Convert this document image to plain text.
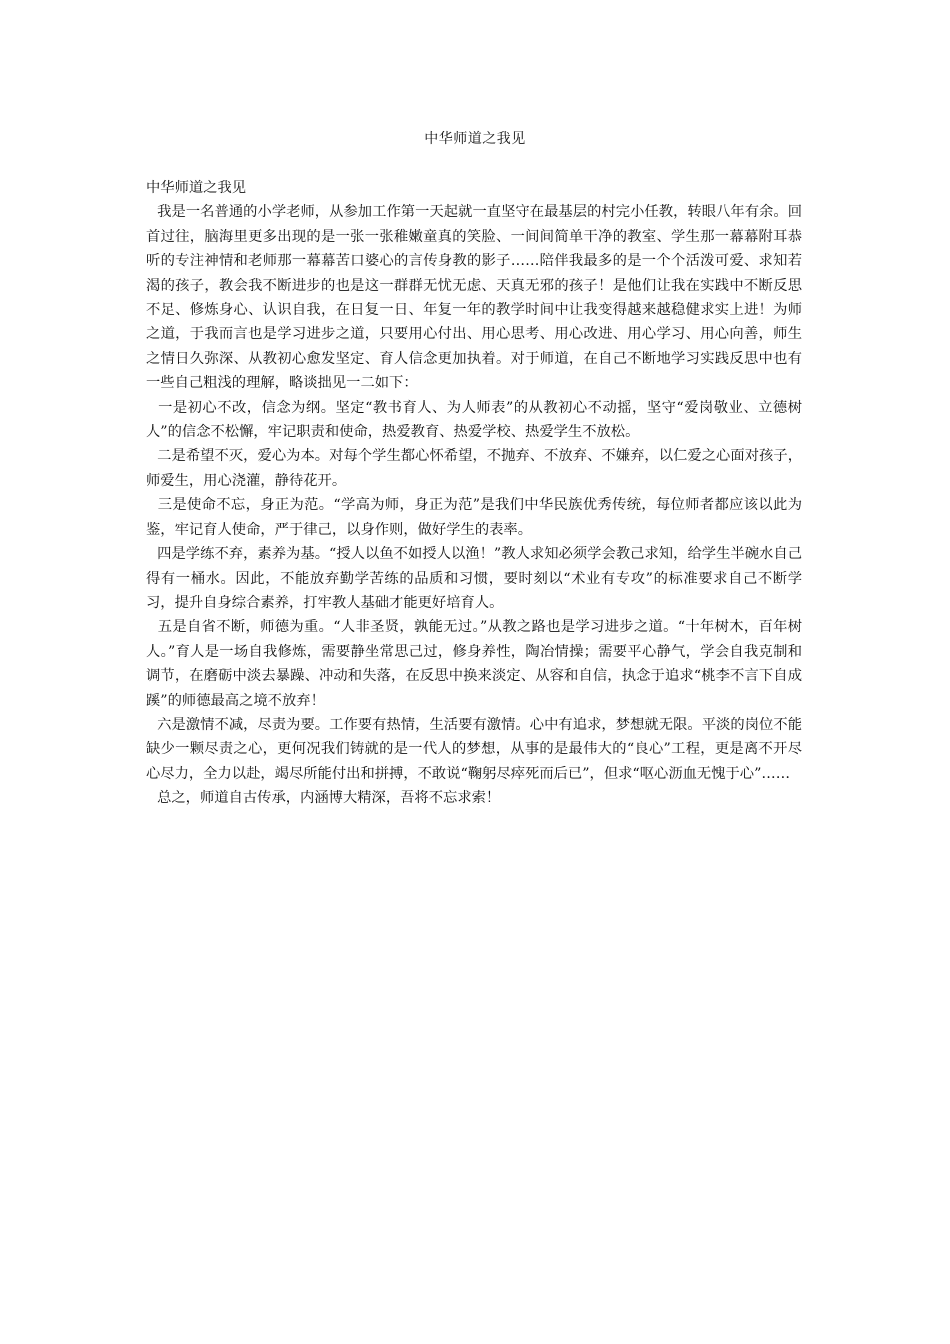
中华师道之我见

中华师道之我见

我是一名普通的小学老师，从参加工作第一天起就一直坚守在最基层的村完小任教，转眼八年有余。回首过往，脑海里更多出现的是一张一张稚嫩童真的笑脸、一间间简单干净的教室、学生那一幕幕附耳恭听的专注神情和老师那一幕幕苦口婆心的言传身教的影子……陪伴我最多的是一个个活泼可爱、求知若渴的孩子，教会我不断进步的也是这一群群无忧无虑、天真无邪的孩子！是他们让我在实践中不断反思不足、修炼身心、认识自我，在日复一日、年复一年的教学时间中让我变得越来越稳健求实上进！为师之道，于我而言也是学习进步之道，只要用心付出、用心思考、用心改进、用心学习、用心向善，师生之情日久弥深、从教初心愈发坚定、育人信念更加执着。对于师道，在自己不断地学习实践反思中也有一些自己粗浅的理解，略谈拙见一二如下：

一是初心不改，信念为纲。坚定“教书育人、为人师表”的从教初心不动摇，坚守“爱岗敬业、立德树人”的信念不松懈，牢记职责和使命，热爱教育、热爱学校、热爱学生不放松。

二是希望不灭，爱心为本。对每个学生都心怀希望，不抛弃、不放弃、不嫌弃，以仁爱之心面对孩子，师爱生，用心浇灌，静待花开。

三是使命不忘，身正为范。“学高为师，身正为范”是我们中华民族优秀传统，每位师者都应该以此为鉴，牢记育人使命，严于律己，以身作则，做好学生的表率。

四是学练不弃，素养为基。“授人以鱼不如授人以渔！”教人求知必须学会教己求知，给学生半碗水自己得有一桶水。因此，不能放弃勤学苦练的品质和习惯，要时刻以“术业有专攻”的标准要求自己不断学习，提升自身综合素养，打牢教人基础才能更好培育人。

五是自省不断，师德为重。“人非圣贤，孰能无过。”从教之路也是学习进步之道。“十年树木，百年树人。”育人是一场自我修炼，需要静坐常思己过，修身养性，陶冶情操；需要平心静气，学会自我克制和调节，在磨砺中淡去暴躁、冲动和失落，在反思中换来淡定、从容和自信，执念于追求“桃李不言下自成蹊”的师德最高之境不放弃！

六是激情不减，尽责为要。工作要有热情，生活要有激情。心中有追求，梦想就无限。平淡的岗位不能缺少一颗尽责之心，更何况我们铸就的是一代人的梦想，从事的是最伟大的“良心”工程，更是离不开尽心尽力，全力以赴，竭尽所能付出和拼搏，不敢说“鞠躬尽瘁死而后已”，但求“呕心沥血无愧于心”……

总之，师道自古传承，内涵博大精深，吾将不忘求索！
